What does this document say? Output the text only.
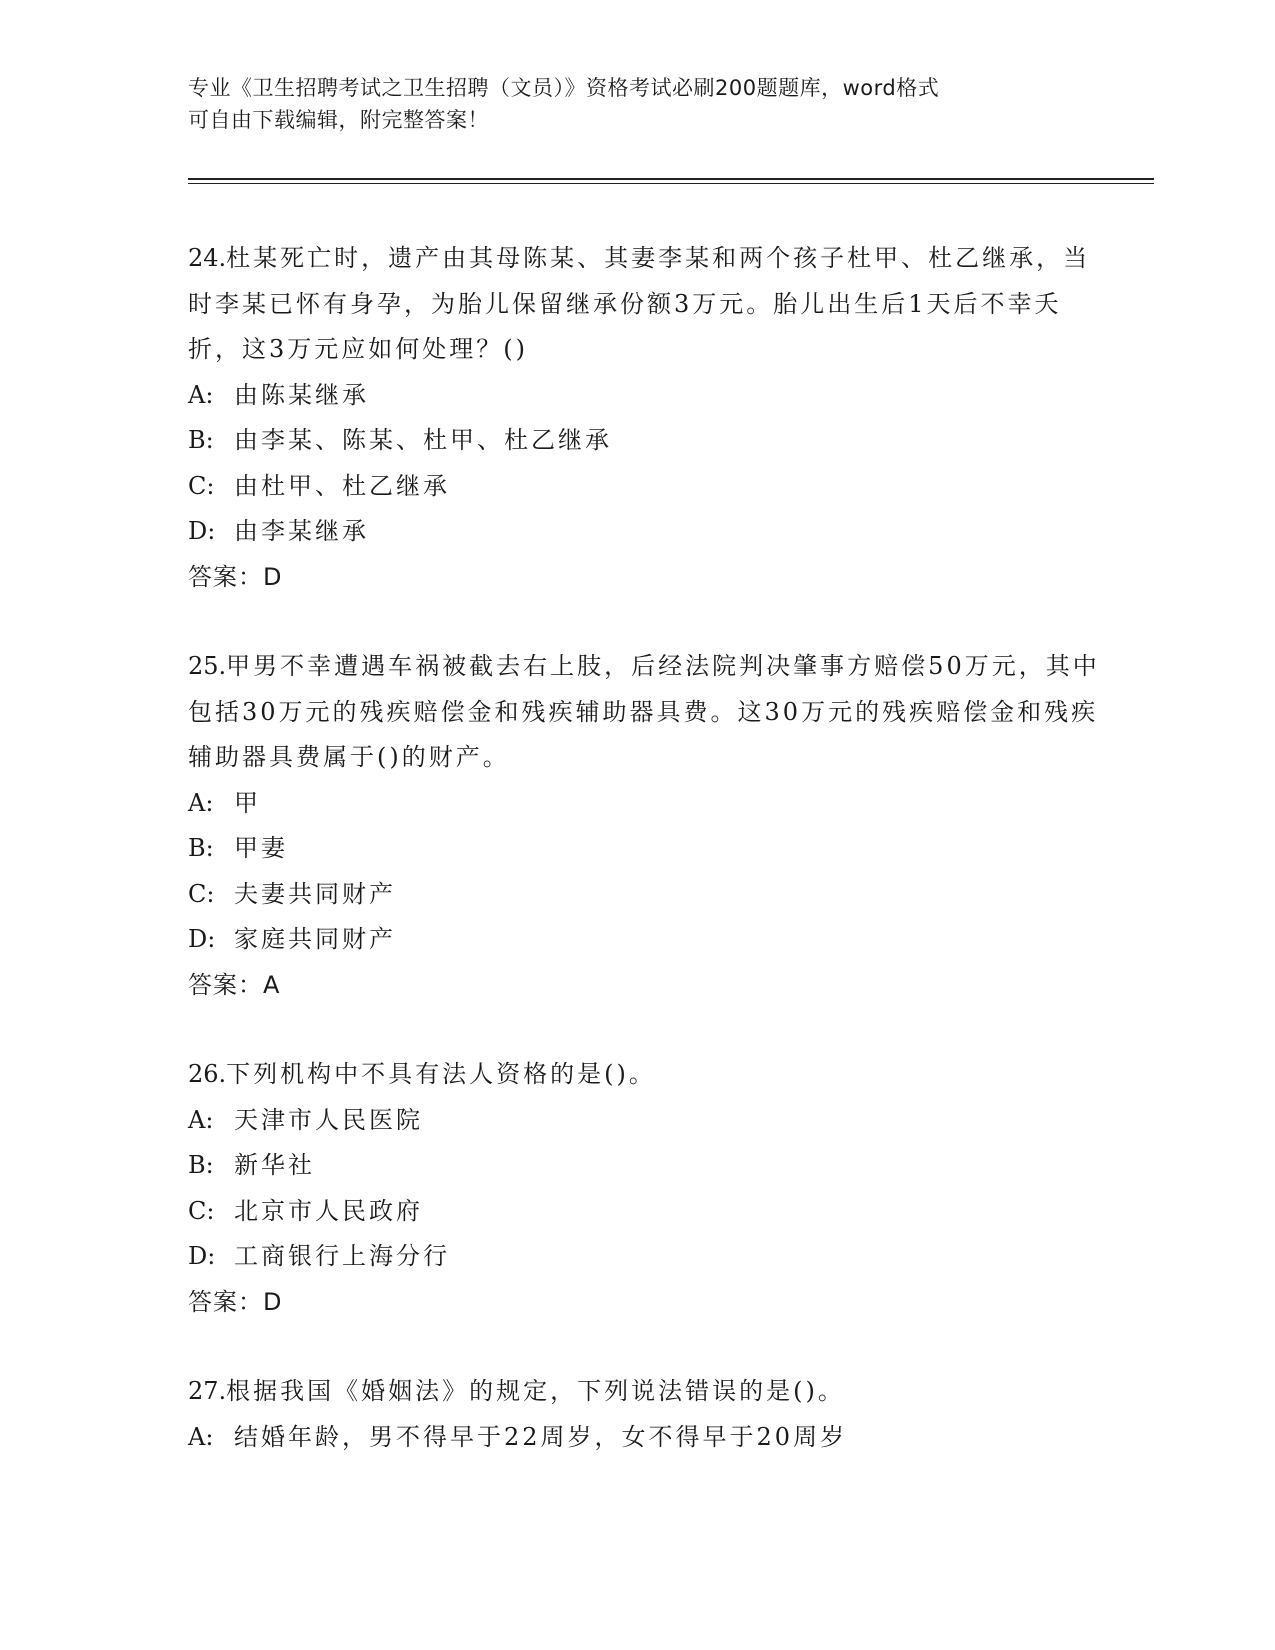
专业《卫生招聘考试之卫生招聘（文员）》资格考试必刷200题题库，word格式
可自由下载编辑，附完整答案！
24.杜某死亡时，遗产由其母陈某、其妻李某和两个孩子杜甲、杜乙继承，当时李某已怀有身孕，为胎儿保留继承份额3万元。胎儿出生后1天后不幸夭折，这3万元应如何处理？()
A: 由陈某继承
B: 由李某、陈某、杜甲、杜乙继承
C: 由杜甲、杜乙继承
D: 由李某继承
答案：D
25.甲男不幸遭遇车祸被截去右上肢，后经法院判决肇事方赔偿50万元，其中包括30万元的残疾赔偿金和残疾辅助器具费。这30万元的残疾赔偿金和残疾辅助器具费属于()的财产。
A: 甲
B: 甲妻
C: 夫妻共同财产
D: 家庭共同财产
答案：A
26.下列机构中不具有法人资格的是()。
A: 天津市人民医院
B: 新华社
C: 北京市人民政府
D: 工商银行上海分行
答案：D
27.根据我国《婚姻法》的规定，下列说法错误的是()。
A: 结婚年龄，男不得早于22周岁，女不得早于20周岁
